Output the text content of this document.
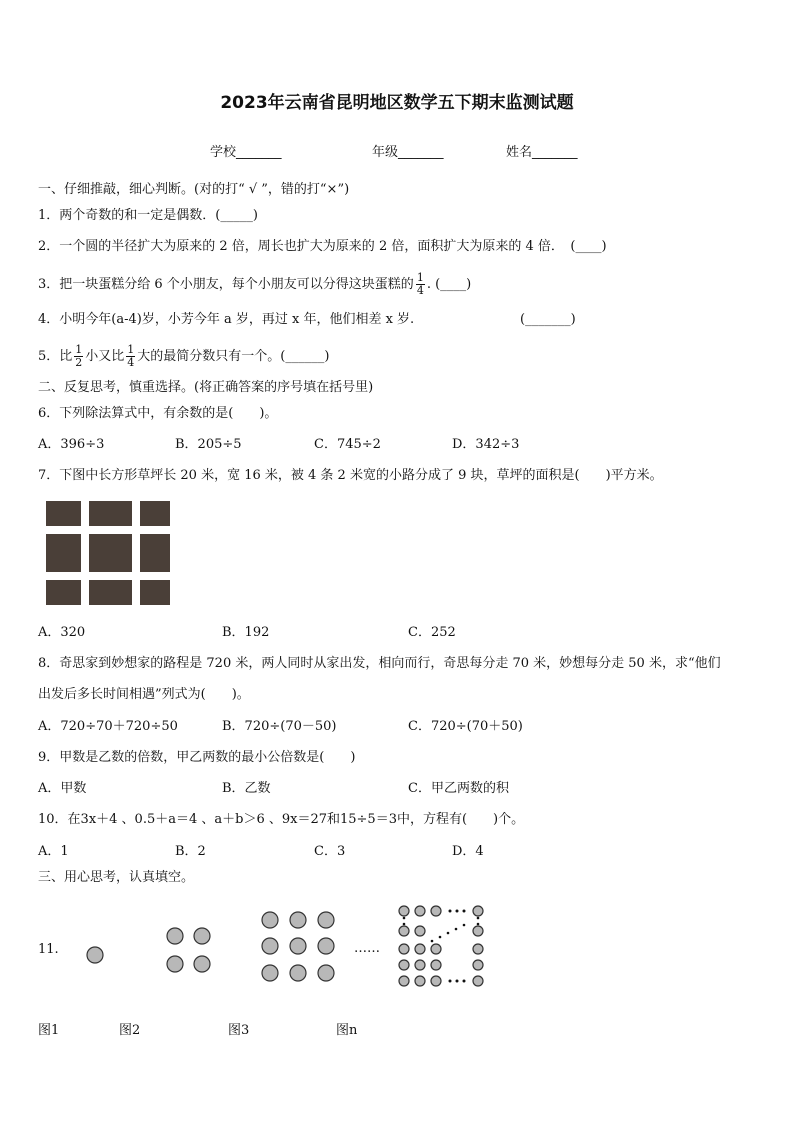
2023年云南省昆明地区数学五下期末监测试题
学校_______	年级_______	姓名_______
一、仔细推敲，细心判断。(对的打“ √ ”，错的打“×”)
1．两个奇数的和一定是偶数．(_____)
2．一个圆的半径扩大为原来的 2 倍，周长也扩大为原来的 2 倍，面积扩大为原来的 4 倍．　(____)
3．把一块蛋糕分给 6 个小朋友，每个小朋友可以分得这块蛋糕的 $\frac{1}{4}$ . (____)
4．小明今年(a-4)岁，小芳今年 a 岁，再过 x 年，他们相差 x 岁.	(_______)
5．比 $\frac{1}{2}$ 小又比 $\frac{1}{4}$ 大的最简分数只有一个。(______)
二、反复思考，慎重选择。(将正确答案的序号填在括号里)
6．下列除法算式中，有余数的是(　　)。
A．396÷3	B．205÷5	C．745÷2	D．342÷3
7．下图中长方形草坪长 20 米，宽 16 米，被 4 条 2 米宽的小路分成了 9 块，草坪的面积是(　　)平方米。
A．320	B．192	C．252
8．奇思家到妙想家的路程是 720 米，两人同时从家出发，相向而行，奇思每分走 70 米，妙想每分走 50 米，求“他们
出发后多长时间相遇”列式为(　　)。
A．720÷70＋720÷50	B．720÷(70－50)	C．720÷(70＋50)
9．甲数是乙数的倍数，甲乙两数的最小公倍数是(　　)
A．甲数	B．乙数	C．甲乙两数的积
10．在3x＋4 、0.5＋a＝4 、a＋b＞6 、9x＝27和15÷5＝3中，方程有(　　)个。
A．1	B．2	C．3	D．4
三、用心思考，认真填空。
11.	……
图1	图2	图3	图n
